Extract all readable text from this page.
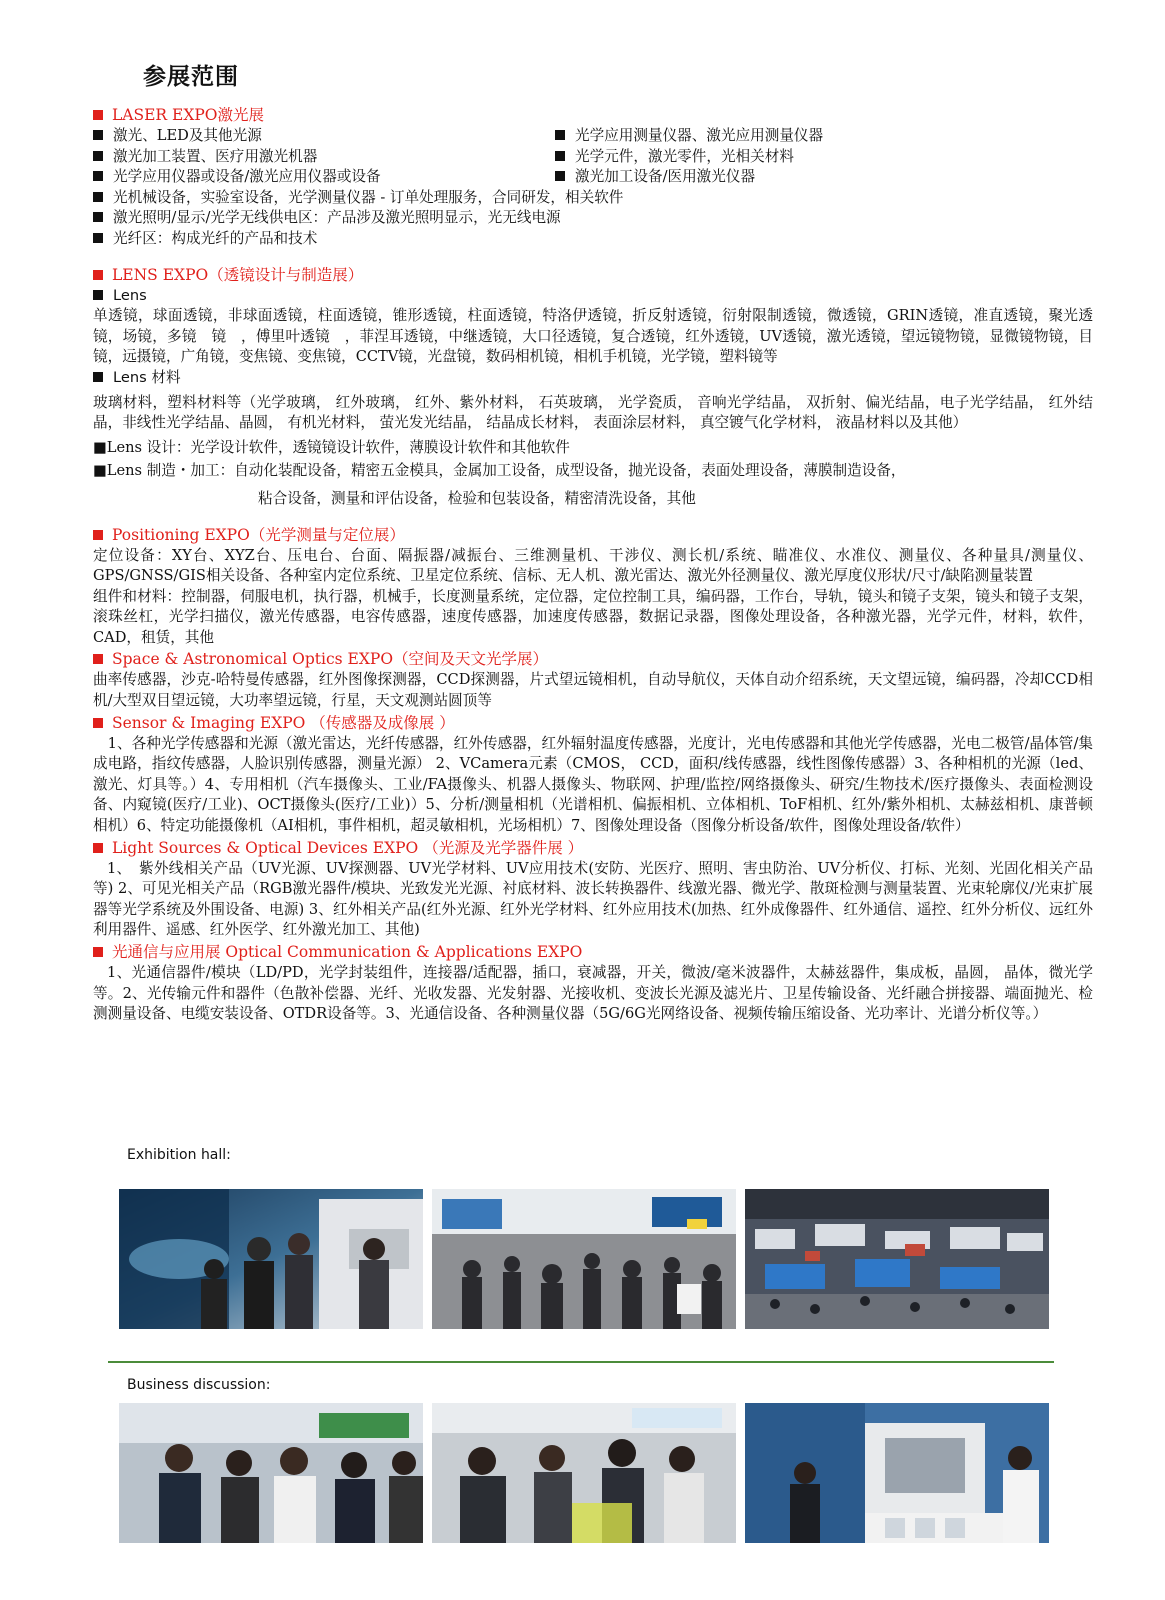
参展范围
LASER EXPO激光展
激光、LED及其他光源
激光加工装置、医疗用激光机器
光学应用仪器或设备/激光应用仪器或设备
光学应用测量仪器、激光应用测量仪器
光学元件，激光零件，光相关材料
激光加工设备/医用激光仪器
光机械设备，实验室设备，光学测量仪器 - 订单处理服务，合同研发，相关软件
激光照明/显示/光学无线供电区：产品涉及激光照明显示，光无线电源
光纤区：构成光纤的产品和技术
LENS EXPO（透镜设计与制造展）
Lens
单透镜，球面透镜，非球面透镜，柱面透镜，锥形透镜，柱面透镜，特洛伊透镜，折反射透镜，衍射限制透镜，微透镜，GRIN透镜，准直透镜，聚光透镜，场镜，多镜　镜　，傅里叶透镜　，菲涅耳透镜，中继透镜，大口径透镜，复合透镜，红外透镜，UV透镜，激光透镜，望远镜物镜，显微镜物镜，目镜，远摄镜，广角镜，变焦镜、变焦镜，CCTV镜，光盘镜，数码相机镜，相机手机镜，光学镜，塑料镜等
Lens 材料
玻璃材料，塑料材料等（光学玻璃， 红外玻璃， 红外、紫外材料， 石英玻璃， 光学瓷质， 音响光学结晶， 双折射、偏光结晶，电子光学结晶， 红外结晶，非线性光学结晶、晶圆， 有机光材料， 萤光发光结晶， 结晶成长材料， 表面涂层材料， 真空镀气化学材料， 液晶材料以及其他）
■Lens 设计：光学设计软件，透镜镜设计软件，薄膜设计软件和其他软件
■Lens 制造・加工：自动化装配设备，精密五金模具，金属加工设备，成型设备，抛光设备，表面处理设备，薄膜制造设备，
粘合设备，测量和评估设备，检验和包装设备，精密清洗设备，其他
Positioning EXPO（光学测量与定位展）
定位设备：XY台、XYZ台、压电台、台面、隔振器/减振台、三维测量机、干涉仪、测长机/系统、瞄准仪、水准仪、测量仪、各种量具/测量仪、GPS/GNSS/GIS相关设备、各种室内定位系统、卫星定位系统、信标、无人机、激光雷达、激光外径测量仪、激光厚度仪形状/尺寸/缺陷测量装置
组件和材料：控制器，伺服电机，执行器，机械手，长度测量系统，定位器，定位控制工具，编码器，工作台，导轨，镜头和镜子支架，镜头和镜子支架，滚珠丝杠，光学扫描仪，激光传感器，电容传感器，速度传感器，加速度传感器，数据记录器，图像处理设备，各种激光器，光学元件，材料，软件，CAD，租赁，其他
Space & Astronomical Optics EXPO（空间及天文光学展）
曲率传感器，沙克-哈特曼传感器，红外图像探测器，CCD探测器，片式望远镜相机，自动导航仪，天体自动介绍系统，天文望远镜，编码器，冷却CCD相机/大型双目望远镜，大功率望远镜，行星，天文观测站圆顶等
Sensor & Imaging EXPO （传感器及成像展 ）
　1、各种光学传感器和光源（激光雷达，光纤传感器，红外传感器，红外辐射温度传感器，光度计，光电传感器和其他光学传感器，光电二极管/晶体管/集成电路，指纹传感器，人脸识别传感器，测量光源） 2、VCamera元素（CMOS， CCD，面积/线传感器，线性图像传感器）3、各种相机的光源（led、激光、灯具等。）4、专用相机（汽车摄像头、工业/FA摄像头、机器人摄像头、物联网、护理/监控/网络摄像头、研究/生物技术/医疗摄像头、表面检测设备、内窥镜(医疗/工业)、OCT摄像头(医疗/工业)）5、分析/测量相机（光谱相机、偏振相机、立体相机、ToF相机、红外/紫外相机、太赫兹相机、康普顿相机）6、特定功能摄像机（AI相机，事件相机，超灵敏相机，光场相机）7、图像处理设备（图像分析设备/软件，图像处理设备/软件）
Light Sources & Optical Devices EXPO （光源及光学器件展 ）
1、　紫外线相关产品（UV光源、UV探测器、UV光学材料、UV应用技术(安防、光医疗、照明、害虫防治、UV分析仪、打标、光刻、光固化相关产品等) 2、可见光相关产品（RGB激光器件/模块、光致发光光源、衬底材料、波长转换器件、线激光器、微光学、散斑检测与测量装置、光束轮廓仪/光束扩展器等光学系统及外围设备、电源) 3、红外相关产品(红外光源、红外光学材料、红外应用技术(加热、红外成像器件、红外通信、遥控、红外分析仪、远红外利用器件、遥感、红外医学、红外激光加工、其他)
光通信与应用展 Optical Communication & Applications EXPO
1、光通信器件/模块（LD/PD，光学封装组件，连接器/适配器，插口，衰减器，开关，微波/毫米波器件，太赫兹器件，集成板，晶圆， 晶体，微光学等。2、光传输元件和器件（色散补偿器、光纤、光收发器、光发射器、光接收机、变波长光源及滤光片、卫星传输设备、光纤融合拼接器、端面抛光、检测测量设备、电缆安装设备、OTDR设备等。3、光通信设备、各种测量仪器（5G/6G光网络设备、视频传输压缩设备、光功率计、光谱分析仪等。）
Exhibition hall:
Business discussion:
